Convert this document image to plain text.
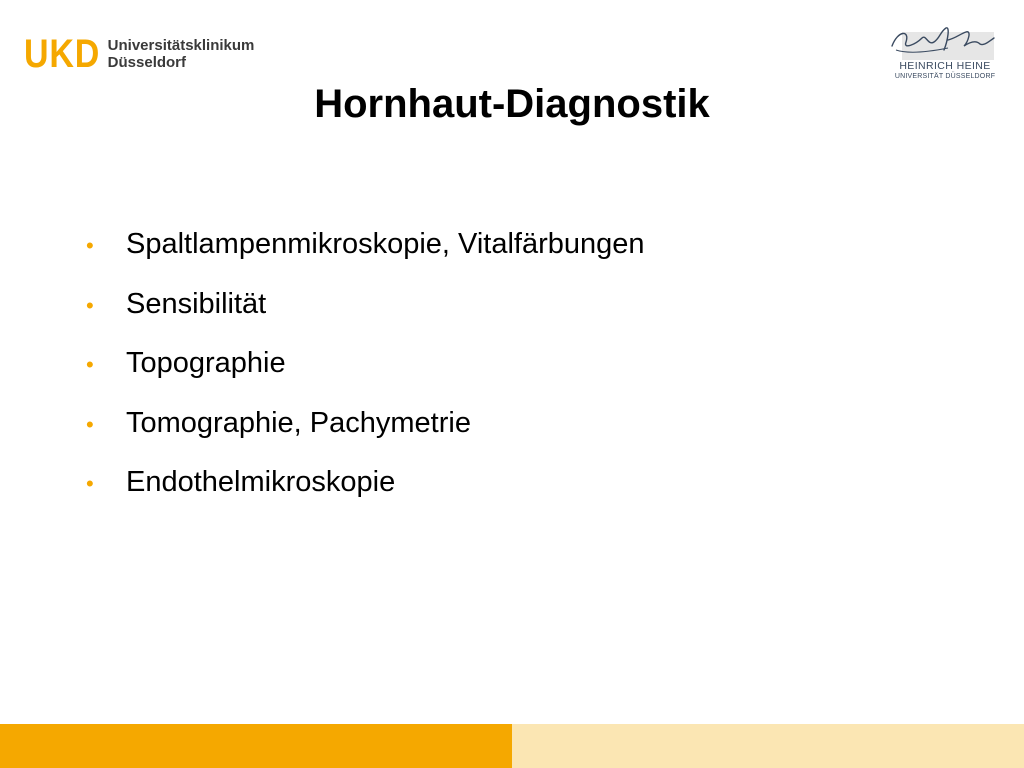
UKD Universitätsklinikum
Düsseldorf	HEINRICH HEINE
UNIVERSITÄT DÜSSELDORF
Hornhaut-Diagnostik
•	Spaltlampenmikroskopie, Vitalfärbungen
•	Sensibilität
•	Topographie
•	Tomographie, Pachymetrie
•	Endothelmikroskopie
